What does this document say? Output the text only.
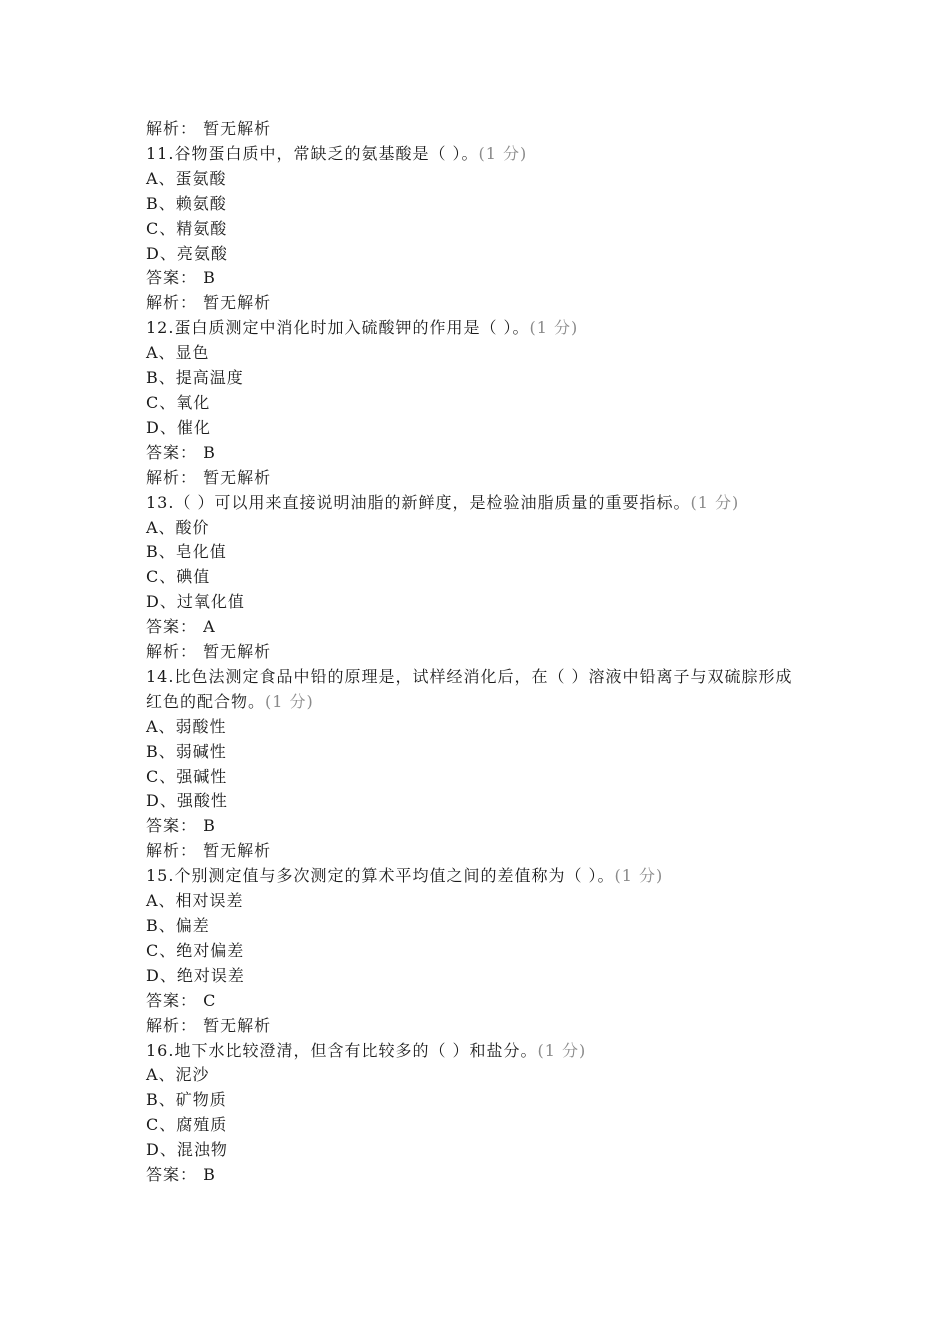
解析： 暂无解析
11.谷物蛋白质中，常缺乏的氨基酸是（ ）。(1 分)
A、蛋氨酸
B、赖氨酸
C、精氨酸
D、亮氨酸
答案： B
解析： 暂无解析
12.蛋白质测定中消化时加入硫酸钾的作用是（ ）。(1 分)
A、显色
B、提高温度
C、氧化
D、催化
答案： B
解析： 暂无解析
13.（ ）可以用来直接说明油脂的新鲜度，是检验油脂质量的重要指标。(1 分)
A、酸价
B、皂化值
C、碘值
D、过氧化值
答案： A
解析： 暂无解析
14.比色法测定食品中铅的原理是，试样经消化后，在（ ）溶液中铅离子与双硫腙形成红色的配合物。(1 分)
A、弱酸性
B、弱碱性
C、强碱性
D、强酸性
答案： B
解析： 暂无解析
15.个别测定值与多次测定的算术平均值之间的差值称为（ ）。(1 分)
A、相对误差
B、偏差
C、绝对偏差
D、绝对误差
答案： C
解析： 暂无解析
16.地下水比较澄清，但含有比较多的（ ）和盐分。(1 分)
A、泥沙
B、矿物质
C、腐殖质
D、混浊物
答案： B
